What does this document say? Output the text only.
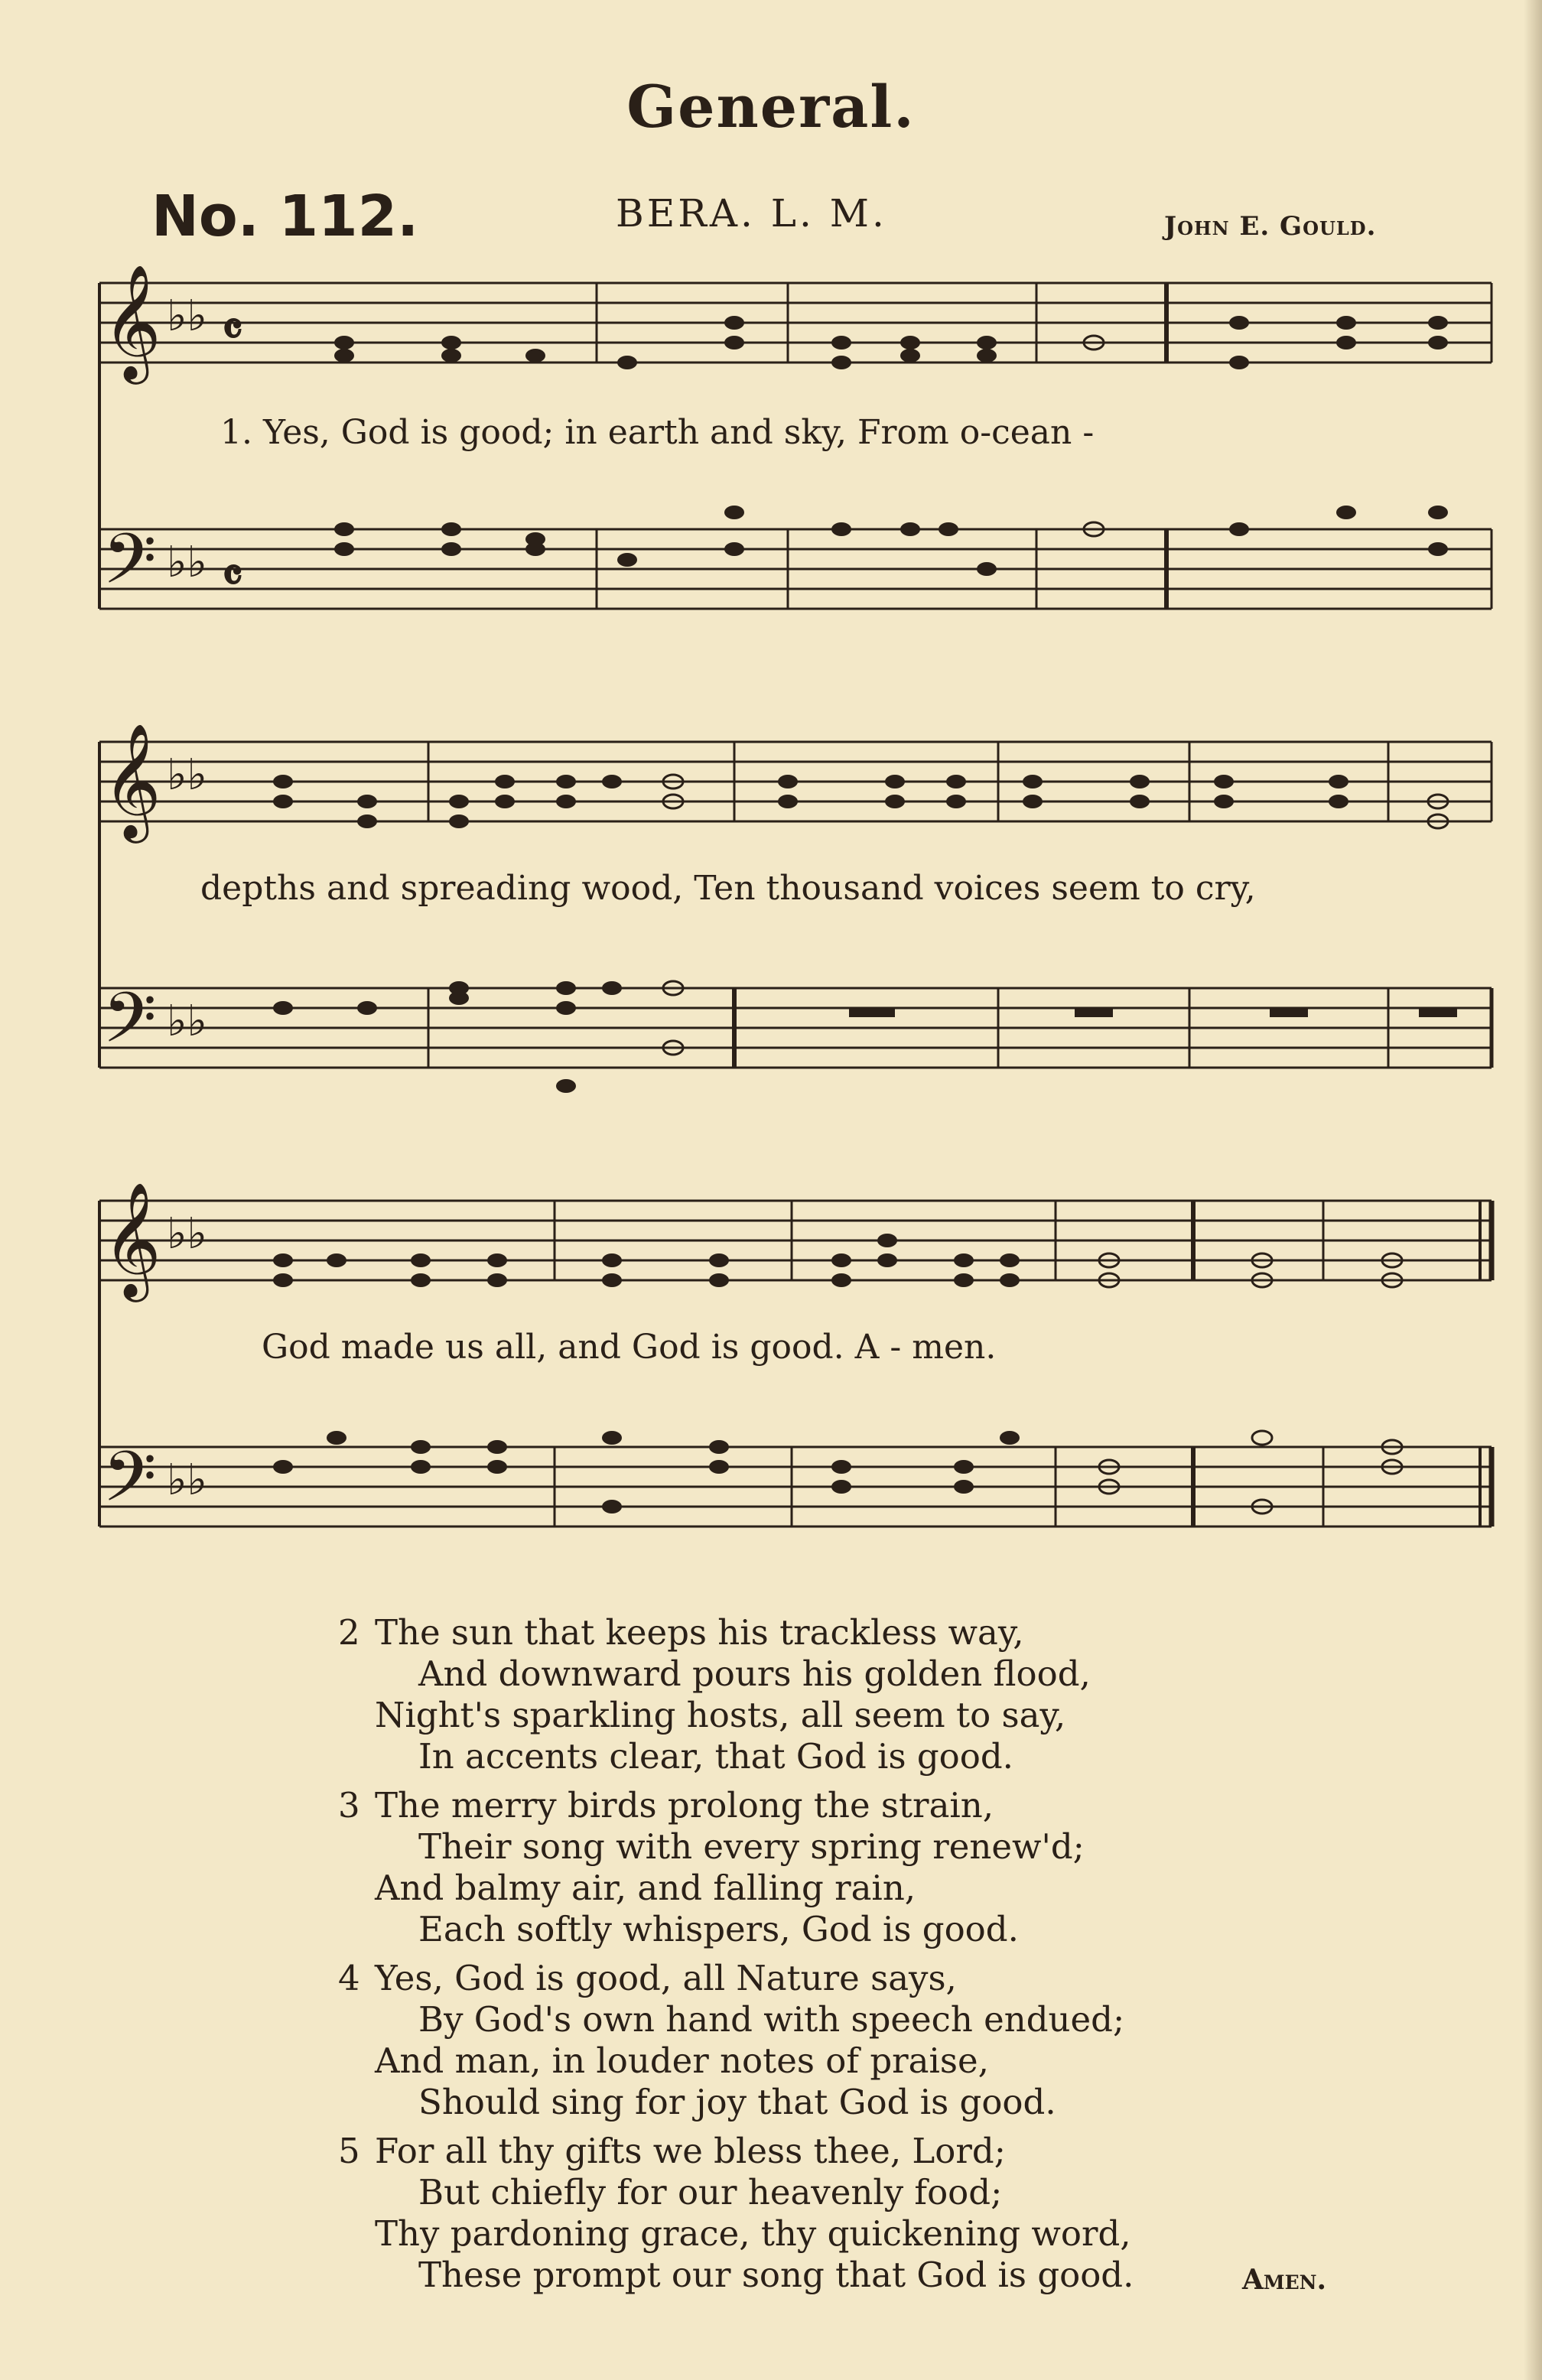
General.
No. 112.	BERA. L. M.	John E. Gould.
𝄞
𝄢
♭♭
♭♭
𝄴
𝄴
1. Yes, God is good; in earth and sky, From o-cean -
𝄞
𝄢
♭♭
♭♭
depths and spreading wood, Ten thousand voices seem to cry,
𝄞
𝄢
♭♭
♭♭
God made us all, and God is good. A - men.
2 The sun that keeps his trackless way,
And downward pours his golden flood,
Night's sparkling hosts, all seem to say,
In accents clear, that God is good.
3 The merry birds prolong the strain,
Their song with every spring renew'd;
And balmy air, and falling rain,
Each softly whispers, God is good.
4 Yes, God is good, all Nature says,
By God's own hand with speech endued;
And man, in louder notes of praise,
Should sing for joy that God is good.
5 For all thy gifts we bless thee, Lord;
But chiefly for our heavenly food;
Thy pardoning grace, thy quickening word,
These prompt our song that God is good.	Amen.
